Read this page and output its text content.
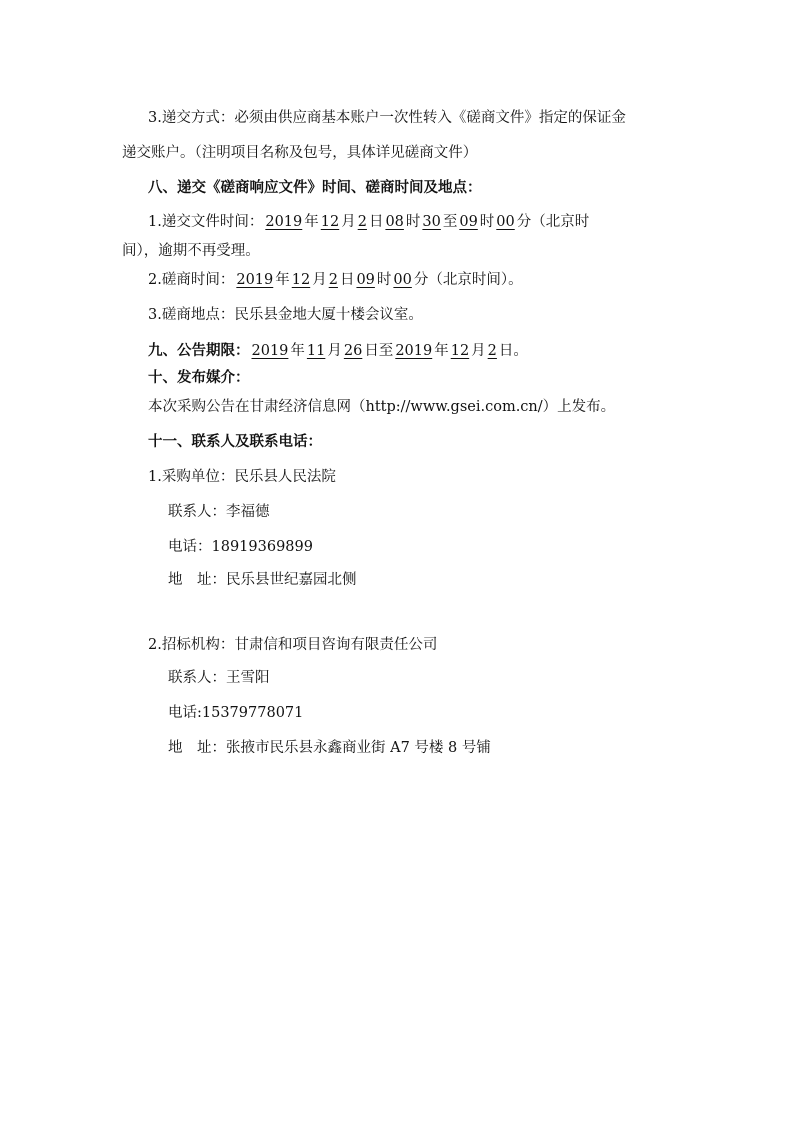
3.递交方式：必须由供应商基本账户一次性转入《磋商文件》指定的保证金
递交账户。（注明项目名称及包号，具体详见磋商文件）
八、递交《磋商响应文件》时间、磋商时间及地点：
1.递交文件时间： 2019 年 12 月 2 日 08 时 30 至 09 时 00 分（北京时
间），逾期不再受理。
2.磋商时间： 2019 年 12 月 2 日 09 时 00 分（北京时间）。
3.磋商地点：民乐县金地大厦十楼会议室。
九、公告期限： 2019 年 11 月 26 日至 2019 年 12 月 2 日。
十、发布媒介：
本次采购公告在甘肃经济信息网（http://www.gsei.com.cn/）上发布。
十一、联系人及联系电话：
1.采购单位：民乐县人民法院
联系人：李福德
电话：18919369899
地　址：民乐县世纪嘉园北侧
2.招标机构：甘肃信和项目咨询有限责任公司
联系人：王雪阳
电话:15379778071
地　址：张掖市民乐县永鑫商业街 A7 号楼 8 号铺
